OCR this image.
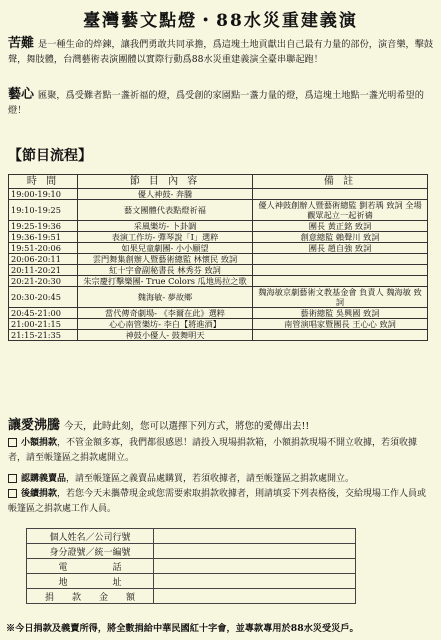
臺灣藝文點燈・88水災重建義演
苦難 是一種生命的焠鍊，讓我們勇敢共同承擔，爲這塊土地貢獻出自己最有力量的部份，演音樂，擊鼓聲，舞肢體，台灣藝術表演團體以實際行動爲88水災重建義演全臺串聯起跑！
藝心 匯聚，爲受難者點一盞祈福的燈，爲受創的家園點一盞力量的燈，爲這塊土地點一盞光明希望的燈！
【節目流程】
時 間	節 目 內 容	備 註
19:00-19:10	優人神鼓- 奔騰	
19:10-19:25	藝文團體代表點燈祈福	優人神鼓創辦人暨藝術總監 劉若瑀 致詞 全場觀眾起立一起祈禱
19:25-19:36	采風樂坊- 卜卦調	團長 黃正銘 致詞
19:36-19:51	表演工作坊- 彈琴說「I」選粹	創意總監 賴聲川 致詞
19:51-20:06	如果兒童劇團- 小小願望	團長 趙自強 致詞
20:06-20:11	雲門舞集創辦人暨藝術總監 林懷民 致詞	
20:11-20:21	紅十字會副秘書長 林秀芬 致詞	
20:21-20:30	朱宗慶打擊樂團- True Colors 瓜地馬拉之歌	
20:30-20:45	魏海敏- 夢故鄉	魏海敏京劇藝術文教基金會 負責人 魏海敏 致詞
20:45-21:00	當代傳奇劇場- 《李爾在此》選粹	藝術總監 吳興國 致詞
21:00-21:15	心心南管樂坊- 李白【將進酒】	南管演唱家暨團長 王心心 致詞
21:15-21:35	神鼓小優人- 鼓舞明天	
讓愛沸騰 今天，此時此刻，您可以選擇下列方式，將您的愛傳出去!!
小額捐款，不管金額多寡，我們都很感恩！請投入現場捐款箱，小額捐款現場不開立收據，若須收據者，請至帳篷區之捐款處開立。
認購義賣品，請至帳篷區之義賣品處購買，若須收據者，請至帳篷區之捐款處開立。
後續捐款，若您今天未攜帶現金或您需要索取捐款收據者，則請填妥下列表格後，交給現場工作人員或帳篷區之捐款處工作人員。
個人姓名／公司行號	
身分證號／統一編號	
電　　　　　話	
地　　　　　址	
捐　　款　　金　　額	
※今日捐款及義賣所得，將全數捐給中華民國紅十字會，並專款專用於88水災受災戶。
